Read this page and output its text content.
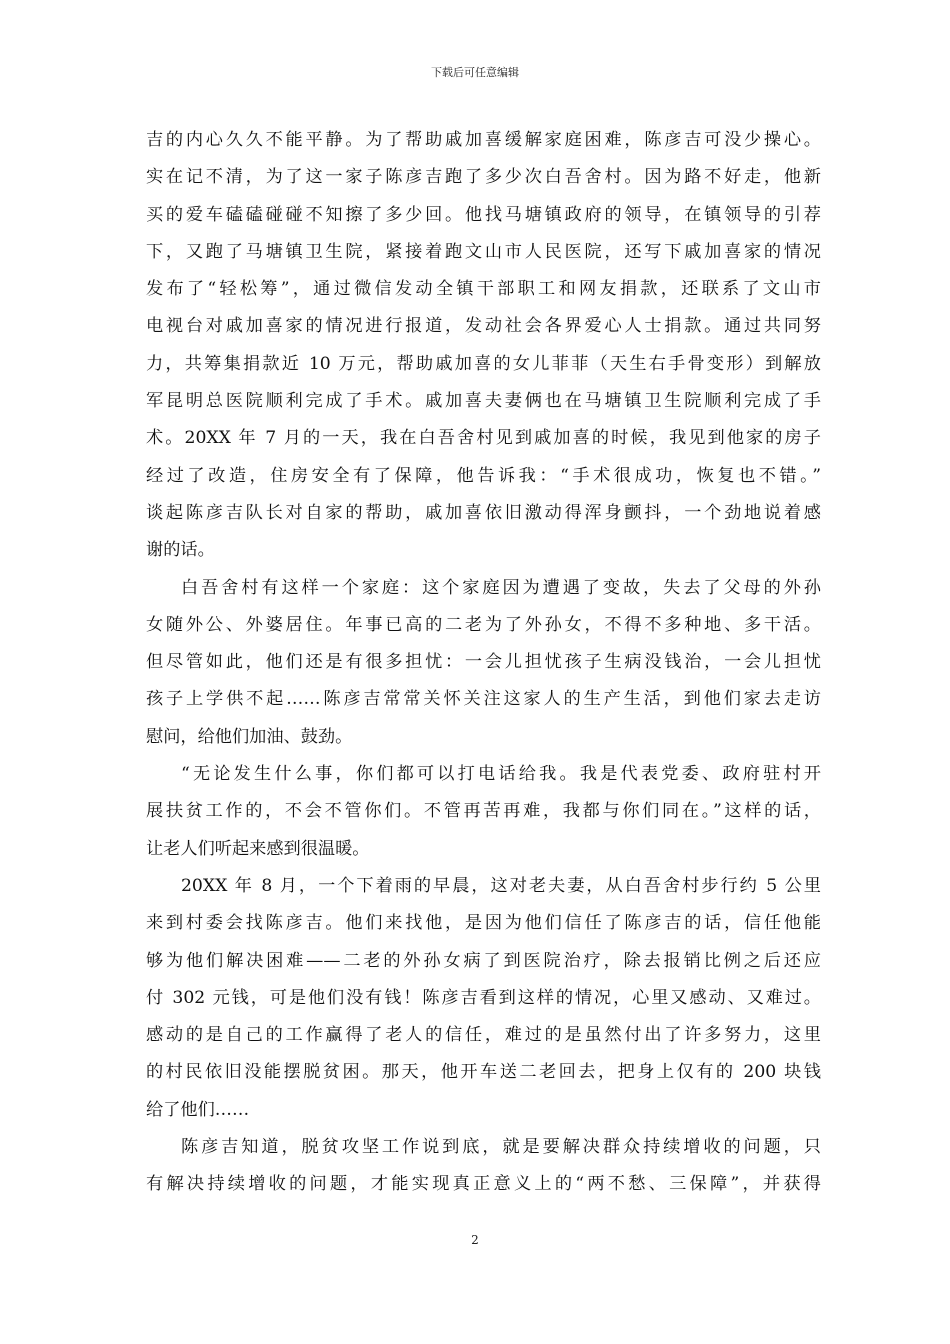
下载后可任意编辑
吉的内心久久不能平静。为了帮助戚加喜缓解家庭困难，陈彦吉可没少操心。
实在记不清，为了这一家子陈彦吉跑了多少次白吾舍村。因为路不好走，他新
买的爱车磕磕碰碰不知擦了多少回。他找马塘镇政府的领导，在镇领导的引荐
下，又跑了马塘镇卫生院，紧接着跑文山市人民医院，还写下戚加喜家的情况
发布了“轻松筹”，通过微信发动全镇干部职工和网友捐款，还联系了文山市
电视台对戚加喜家的情况进行报道，发动社会各界爱心人士捐款。通过共同努
力，共筹集捐款近 10 万元，帮助戚加喜的女儿菲菲（天生右手骨变形）到解放
军昆明总医院顺利完成了手术。戚加喜夫妻俩也在马塘镇卫生院顺利完成了手
术。20XX 年 7 月的一天，我在白吾舍村见到戚加喜的时候，我见到他家的房子
经过了改造，住房安全有了保障，他告诉我：“手术很成功，恢复也不错。”
谈起陈彦吉队长对自家的帮助，戚加喜依旧激动得浑身颤抖，一个劲地说着感
谢的话。
白吾舍村有这样一个家庭：这个家庭因为遭遇了变故，失去了父母的外孙
女随外公、外婆居住。年事已高的二老为了外孙女，不得不多种地、多干活。
但尽管如此，他们还是有很多担忧：一会儿担忧孩子生病没钱治，一会儿担忧
孩子上学供不起……陈彦吉常常关怀关注这家人的生产生活，到他们家去走访
慰问，给他们加油、鼓劲。
“无论发生什么事，你们都可以打电话给我。我是代表党委、政府驻村开
展扶贫工作的，不会不管你们。不管再苦再难，我都与你们同在。”这样的话，
让老人们听起来感到很温暖。
20XX 年 8 月，一个下着雨的早晨，这对老夫妻，从白吾舍村步行约 5 公里
来到村委会找陈彦吉。他们来找他，是因为他们信任了陈彦吉的话，信任他能
够为他们解决困难——二老的外孙女病了到医院治疗，除去报销比例之后还应
付 302 元钱，可是他们没有钱！陈彦吉看到这样的情况，心里又感动、又难过。
感动的是自己的工作赢得了老人的信任，难过的是虽然付出了许多努力，这里
的村民依旧没能摆脱贫困。那天，他开车送二老回去，把身上仅有的 200 块钱
给了他们……
陈彦吉知道，脱贫攻坚工作说到底，就是要解决群众持续增收的问题，只
有解决持续增收的问题，才能实现真正意义上的“两不愁、三保障”，并获得
2
